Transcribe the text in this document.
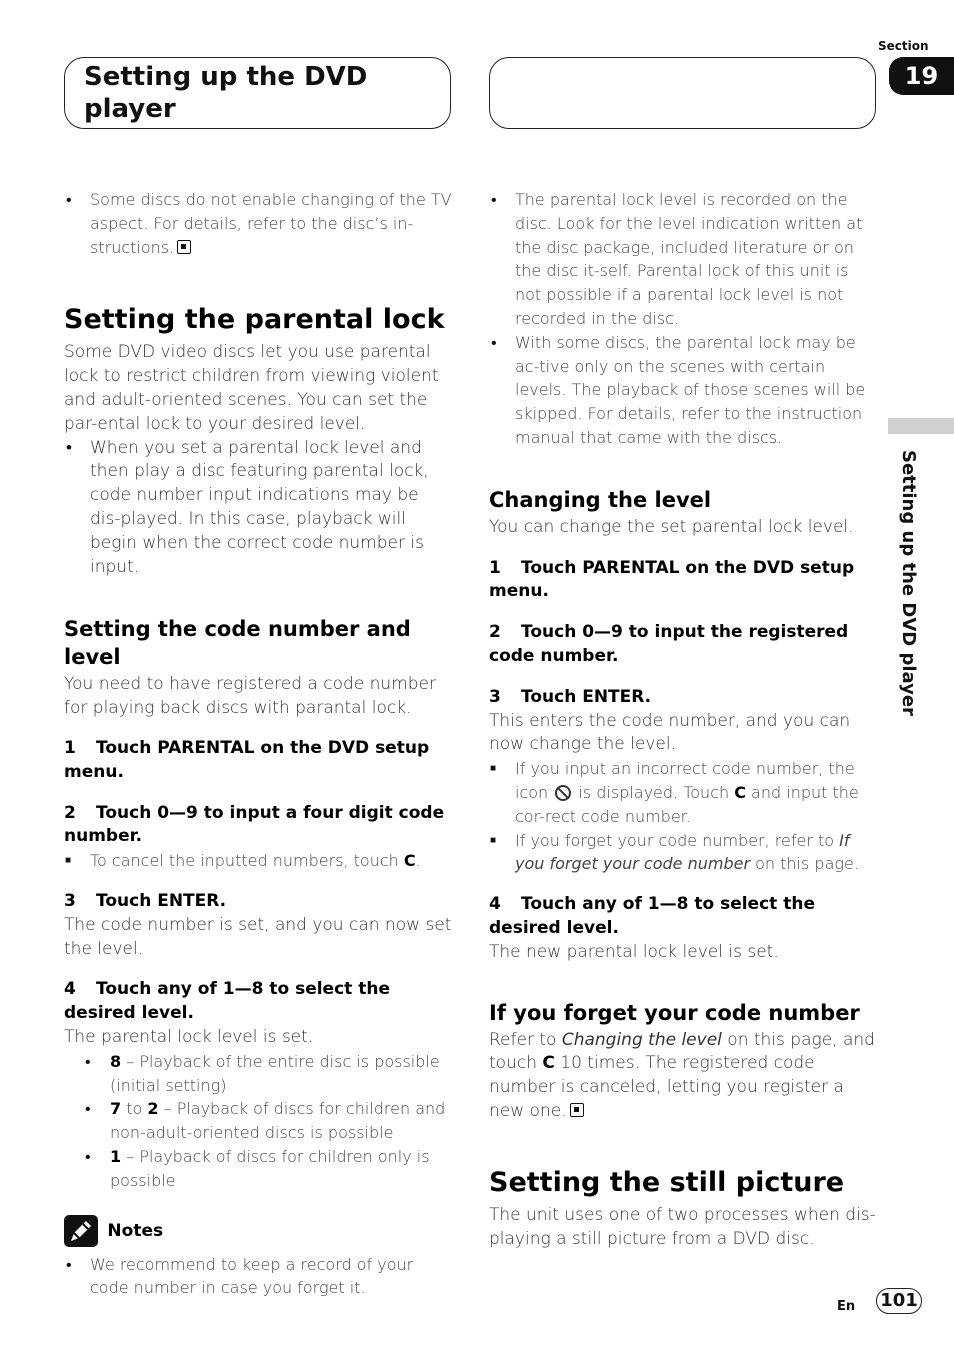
Setting up the DVD player
Section
19
Setting up the DVD player

• Some discs do not enable changing of the TV aspect. For details, refer to the disc’s in-structions.

Setting the parental lock

Some DVD video discs let you use parental lock to restrict children from viewing violent and adult-oriented scenes. You can set the par-ental lock to your desired level.

• When you set a parental lock level and then play a disc featuring parental lock, code number input indications may be dis-played. In this case, playback will begin when the correct code number is input.

Setting the code number and level

You need to have registered a code number for playing back discs with parantal lock.

1 Touch PARENTAL on the DVD setup menu.

2 Touch 0—9 to input a four digit code number.

■ To cancel the inputted numbers, touch C.

3 Touch ENTER.

The code number is set, and you can now set the level.

4 Touch any of 1—8 to select the desired level.

The parental lock level is set.

• 8 – Playback of the entire disc is possible (initial setting)

• 7 to 2 – Playback of discs for children and non-adult-oriented discs is possible

• 1 – Playback of discs for children only is possible

Notes

• We recommend to keep a record of your code number in case you forget it.

• The parental lock level is recorded on the disc. Look for the level indication written at the disc package, included literature or on the disc it-self. Parental lock of this unit is not possible if a parental lock level is not recorded in the disc.

• With some discs, the parental lock may be ac-tive only on the scenes with certain levels. The playback of those scenes will be skipped. For details, refer to the instruction manual that came with the discs.

Changing the level

You can change the set parental lock level.

1 Touch PARENTAL on the DVD setup menu.

2 Touch 0—9 to input the registered code number.

3 Touch ENTER.

This enters the code number, and you can now change the level.

■ If you input an incorrect code number, the icon  is displayed. Touch C and input the cor-rect code number.

■ If you forget your code number, refer to If you forget your code number on this page.

4 Touch any of 1—8 to select the desired level.

The new parental lock level is set.

If you forget your code number

Refer to Changing the level on this page, and touch C 10 times. The registered code number is canceled, letting you register a new one.

Setting the still picture

The unit uses one of two processes when dis-playing a still picture from a DVD disc.

En 101
